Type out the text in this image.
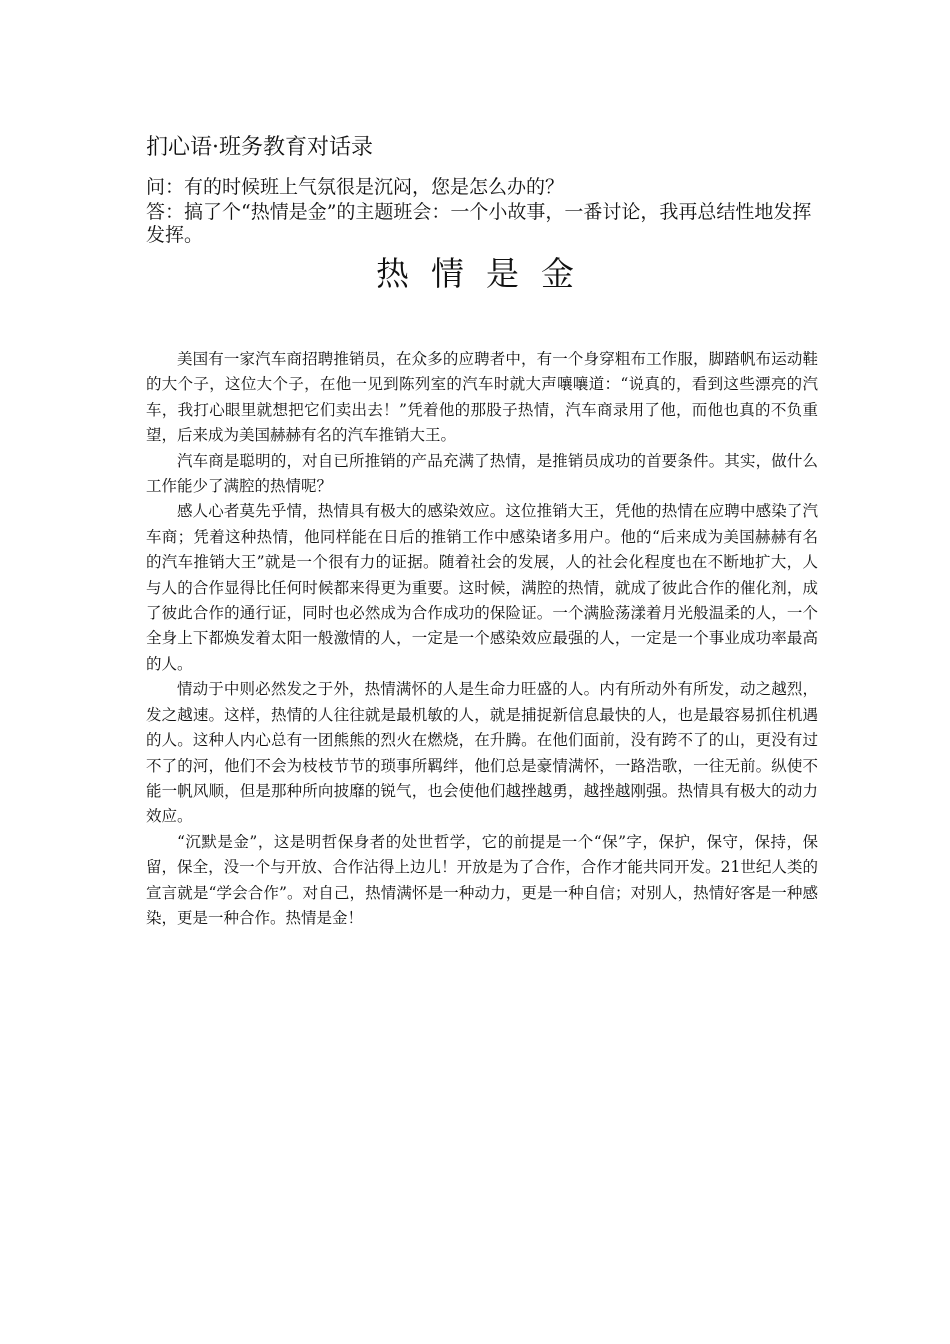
扪心语·班务教育对话录
问：有的时候班上气氛很是沉闷，您是怎么办的？
答：搞了个“热情是金”的主题班会：一个小故事，一番讨论，我再总结性地发挥发挥。
热情是金

美国有一家汽车商招聘推销员，在众多的应聘者中，有一个身穿粗布工作服，脚踏帆布运动鞋的大个子，这位大个子，在他一见到陈列室的汽车时就大声嚷嚷道：“说真的，看到这些漂亮的汽车，我打心眼里就想把它们卖出去！”凭着他的那股子热情，汽车商录用了他，而他也真的不负重望，后来成为美国赫赫有名的汽车推销大王。

汽车商是聪明的，对自已所推销的产品充满了热情，是推销员成功的首要条件。其实，做什么工作能少了满腔的热情呢？

感人心者莫先乎情，热情具有极大的感染效应。这位推销大王，凭他的热情在应聘中感染了汽车商；凭着这种热情，他同样能在日后的推销工作中感染诸多用户。他的“后来成为美国赫赫有名的汽车推销大王”就是一个很有力的证据。随着社会的发展，人的社会化程度也在不断地扩大，人与人的合作显得比任何时候都来得更为重要。这时候，满腔的热情，就成了彼此合作的催化剂，成了彼此合作的通行证，同时也必然成为合作成功的保险证。一个满脸荡漾着月光般温柔的人，一个全身上下都焕发着太阳一般激情的人，一定是一个感染效应最强的人，一定是一个事业成功率最高的人。

情动于中则必然发之于外，热情满怀的人是生命力旺盛的人。内有所动外有所发，动之越烈，发之越速。这样，热情的人往往就是最机敏的人，就是捕捉新信息最快的人，也是最容易抓住机遇的人。这种人内心总有一团熊熊的烈火在燃烧，在升腾。在他们面前，没有跨不了的山，更没有过不了的河，他们不会为枝枝节节的琐事所羁绊，他们总是豪情满怀，一路浩歌，一往无前。纵使不能一帆风顺，但是那种所向披靡的锐气，也会使他们越挫越勇，越挫越刚强。热情具有极大的动力效应。

“沉默是金”，这是明哲保身者的处世哲学，它的前提是一个“保”字，保护，保守，保持，保留，保全，没一个与开放、合作沾得上边儿！开放是为了合作，合作才能共同开发。21世纪人类的宣言就是“学会合作”。对自己，热情满怀是一种动力，更是一种自信；对别人，热情好客是一种感染，更是一种合作。热情是金！
